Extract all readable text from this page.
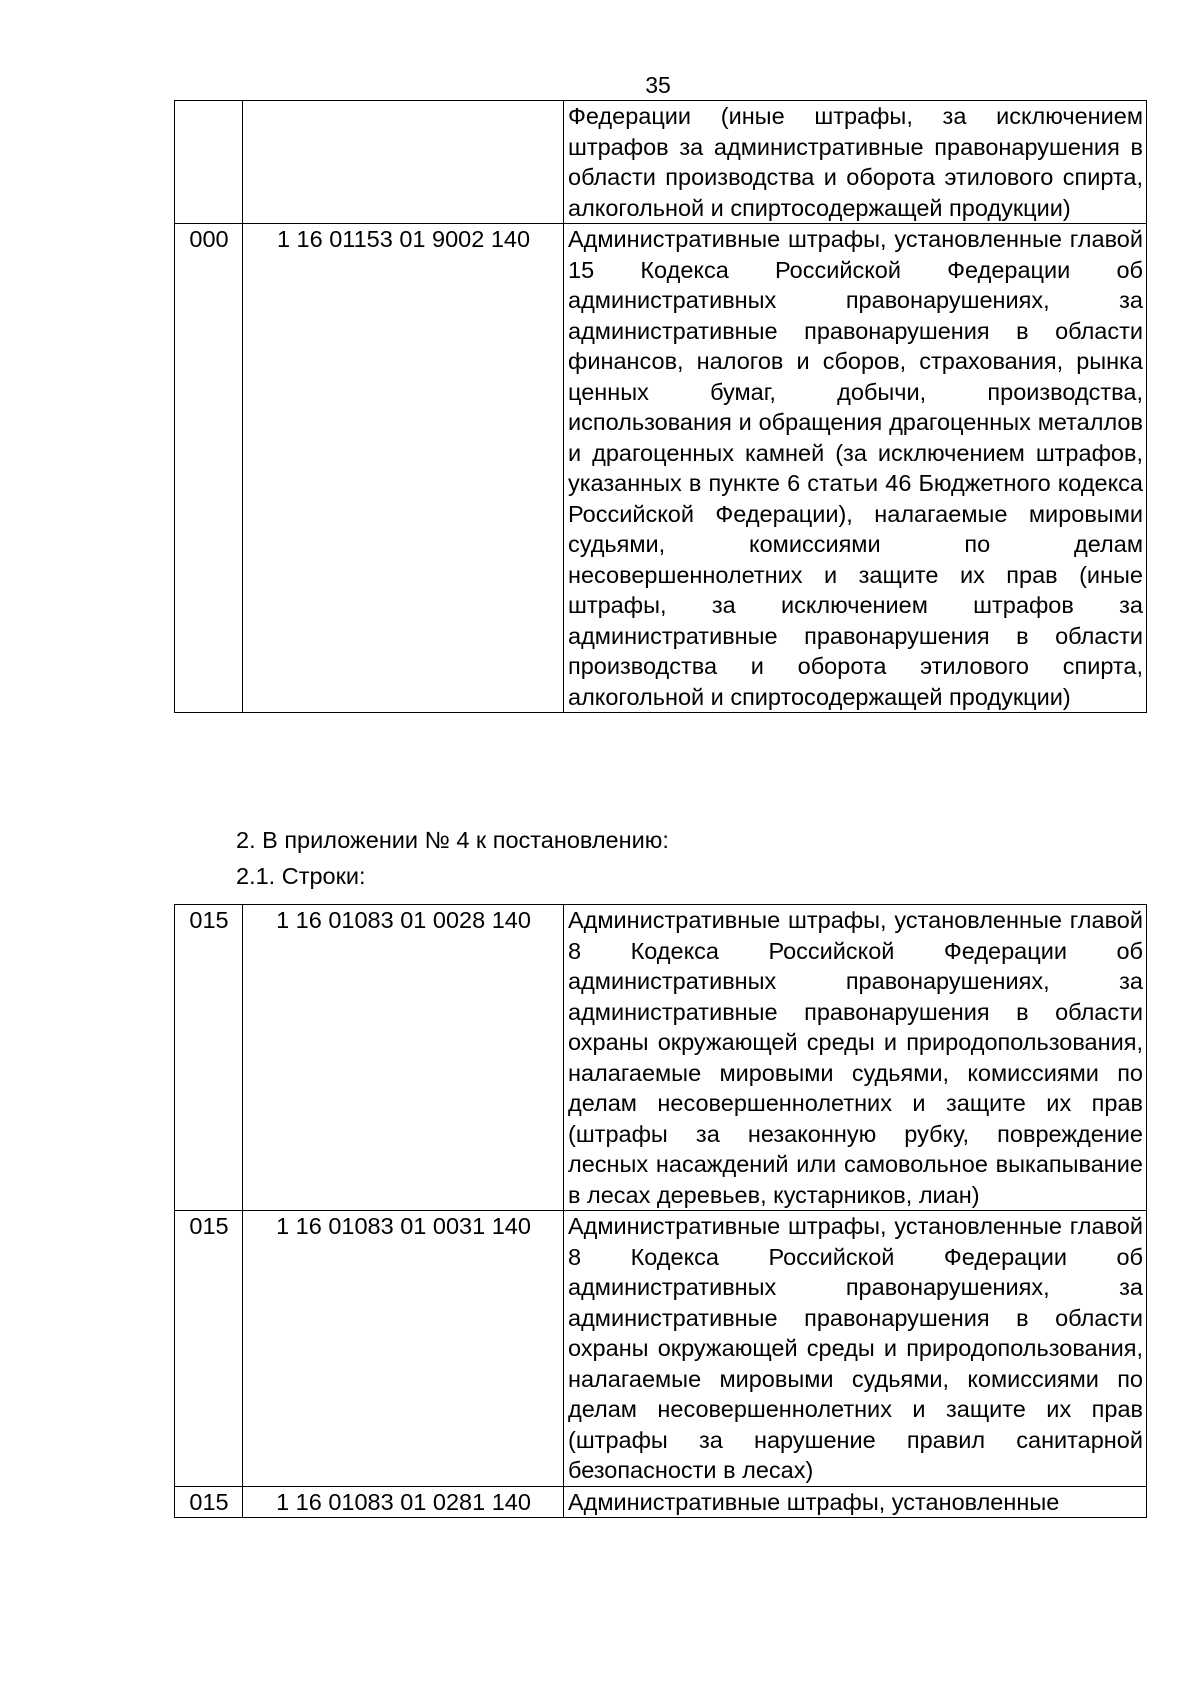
35

		Федерации (иные штрафы, за исключением штрафов за административные правонарушения в области производства и оборота этилового спирта, алкогольной и спиртосодержащей продукции)

000	1 16 01153 01 9002 140	Административные штрафы, установленные главой 15 Кодекса Российской Федерации об административных правонарушениях, за административные правонарушения в области финансов, налогов и сборов, страхования, рынка ценных бумаг, добычи, производства, использования и обращения драгоценных металлов и драгоценных камней (за исключением штрафов, указанных в пункте 6 статьи 46 Бюджетного кодекса Российской Федерации), налагаемые мировыми судьями, комиссиями по делам несовершеннолетних и защите их прав (иные штрафы, за исключением штрафов за административные правонарушения в области производства и оборота этилового спирта, алкогольной и спиртосодержащей продукции)
2. В приложении № 4 к постановлению:
2.1. Строки:
015	1 16 01083 01 0028 140	Административные штрафы, установленные главой 8 Кодекса Российской Федерации об административных правонарушениях, за административные правонарушения в области охраны окружающей среды и природопользования, налагаемые мировыми судьями, комиссиями по делам несовершеннолетних и защите их прав (штрафы за незаконную рубку, повреждение лесных насаждений или самовольное выкапывание в лесах деревьев, кустарников, лиан)

015	1 16 01083 01 0031 140	Административные штрафы, установленные главой 8 Кодекса Российской Федерации об административных правонарушениях, за административные правонарушения в области охраны окружающей среды и природопользования, налагаемые мировыми судьями, комиссиями по делам несовершеннолетних и защите их прав (штрафы за нарушение правил санитарной безопасности в лесах)

015	1 16 01083 01 0281 140	Административные штрафы, установленные
